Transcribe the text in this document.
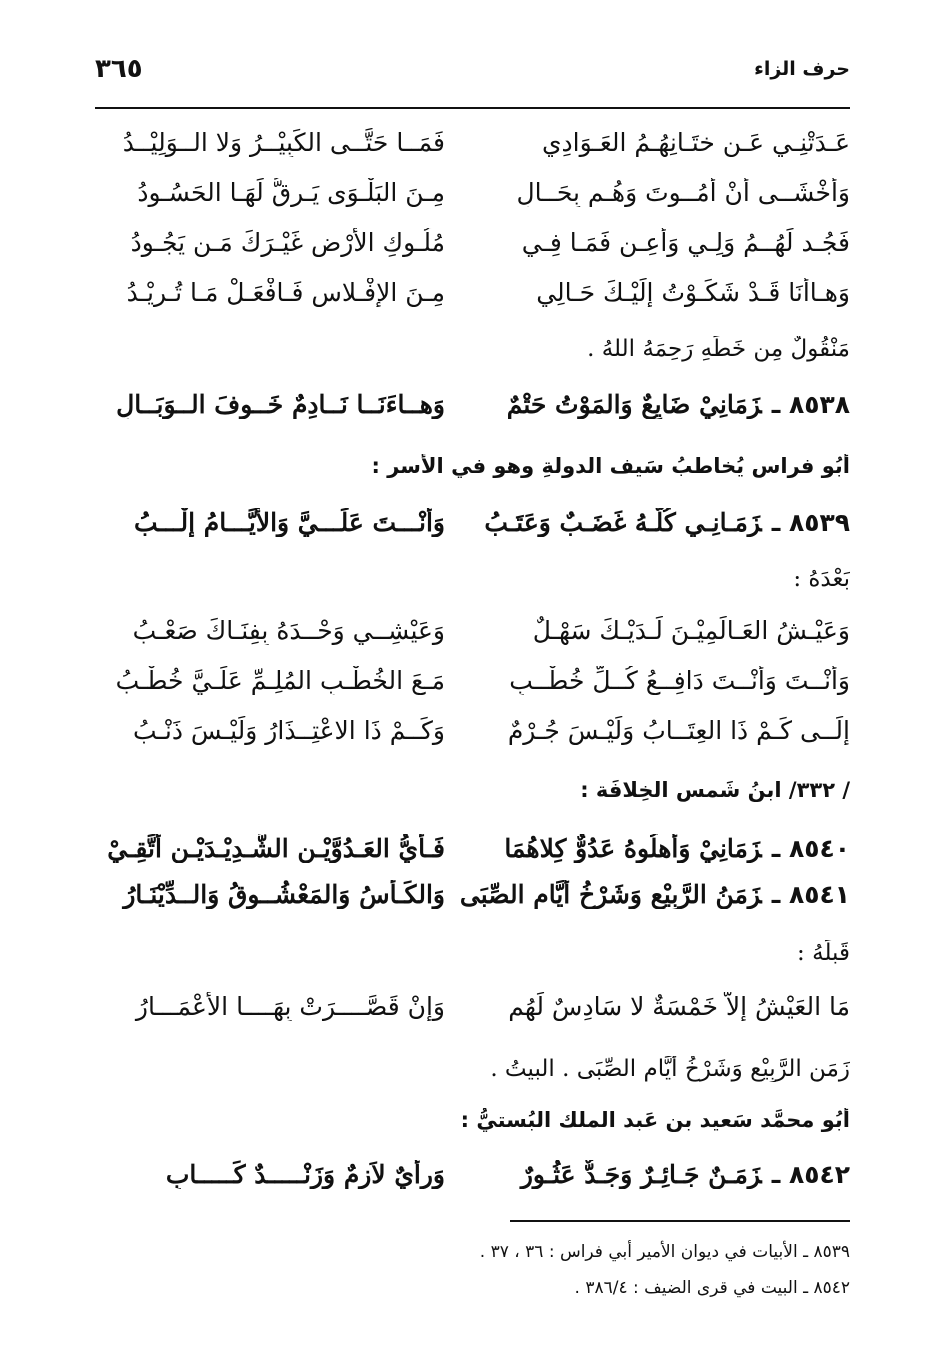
حرف الزاء
٣٦٥
عَـدَتْنِـي عَـن ختَـانِهُـمُ العَـوَادِي
فَمَــا حَتَّــى الكَبِيْــرُ وَلا الــوَلِيْــدُ
وَأَخْشَــى أَنْ أَمُــوتَ وَهُـم بِحَــالٍ
مِـنَ البَلْـوَى يَـرِقُّ لَهَـا الحَسُـودُ
فَجُـد لَهُــمُ وَلِـي وَأَعِـن فَمَـا فِـي
مُلُـوكِ الأَرْضِ غَيْـرَكَ مَـن يَجُـودُ
وَهـاأَنَا قَـدْ شَكَـوْتُ إِلَيْـكَ حَـالِي
مِـنَ الإفْـلاسِ فَـافْعَـلْ مَـا تُـرِيْـدُ
مَنْقُولٌ مِن خَطِّهِ رَحِمَهُ اللهُ .
٨٥٣٨ ـزَمَانِيْ ضَايِعٌ وَالمَوْتُ حَتْمٌ
وَهــاءَنَــا نَــادِمٌ خَــوفَ الــوَبَــالِ
أَبُو فراس يُخاطبُ سَيف الدولةِ وهو في الأسرِ :
٨٥٣٩ ـزَمَـانِـي كُلُّـهُ غَضَـبٌ وَعَتَـبُ
وَأَنْـــتَ عَلَـــيَّ وَالأَيَّـــامُ إِلْـــبُ
بَعْدَهُ :
وَعَيْـشُ العَـالَمِيْـنَ لَـدَيْـكَ سَهْـلٌ
وَعَيْشِــي وَحْــدَهُ بِفِنَـاكَ صَعْـبُ
وَأَنْــتَ وَأَنْــتَ دَافِــعُ كُــلِّ خُطْــبٍ
مَـعَ الخُطْـبِ المُلِـمِّ عَلَـيَّ خُطْـبُ
إِلَــى كَـمْ ذَا العِتَــابُ وَلَيْـسَ جُـرْمٌ
وَكَــمْ ذَا الاعْتِــذَارُ وَلَيْـسَ ذَنْـبُ
/ ٣٣٢/ ابنُ شَمسِ الخِلافَة :
٨٥٤٠ ـزَمَانِيْ وَأَهلُوهُ عَدُوٌّ كِلاهُمَا
فَـأَيُّ العَـدُوَّيْـنِ الشَّـدِيْـدَيْـنِ أَتَّقِـيْ
٨٥٤١ ـزَمَنُ الرَّبِيْعِ وَشَرْخُ أَيَّامِ الصِّبَى
وَالكَـأْسُ وَالمَعْشُــوقُ وَالــدِّيْنَـارُ
قَبلَهُ :
مَا العَيْشُ إلاَّ خَمْسَةٌ لا سَادِسٌ لَهُم
وَإِنْ قَصَّــــرَتْ بِهَــــا الأَعْمَـــارُ
زَمَنِ الرَّبِيْعِ وَشَرْخُ أَيَّامِ الصِّبَى . البيتُ .
أَبُو محمَّد سَعيد بن عَبد الملك البُستيُّ :
٨٥٤٢ ـزَمَـنٌ جَـائِـرٌ وَجَـدٌّ عَثُـورٌ
وَرأيٌ لاَزِمٌ وَزَنْـــــدٌ كَـــــابِ
٨٥٣٩ ـ الأبيات في ديوان الأمير أبي فراس : ٣٦ ، ٣٧ .
٨٥٤٢ ـ البيت في قرى الضيف : ٣٨٦/٤ .
